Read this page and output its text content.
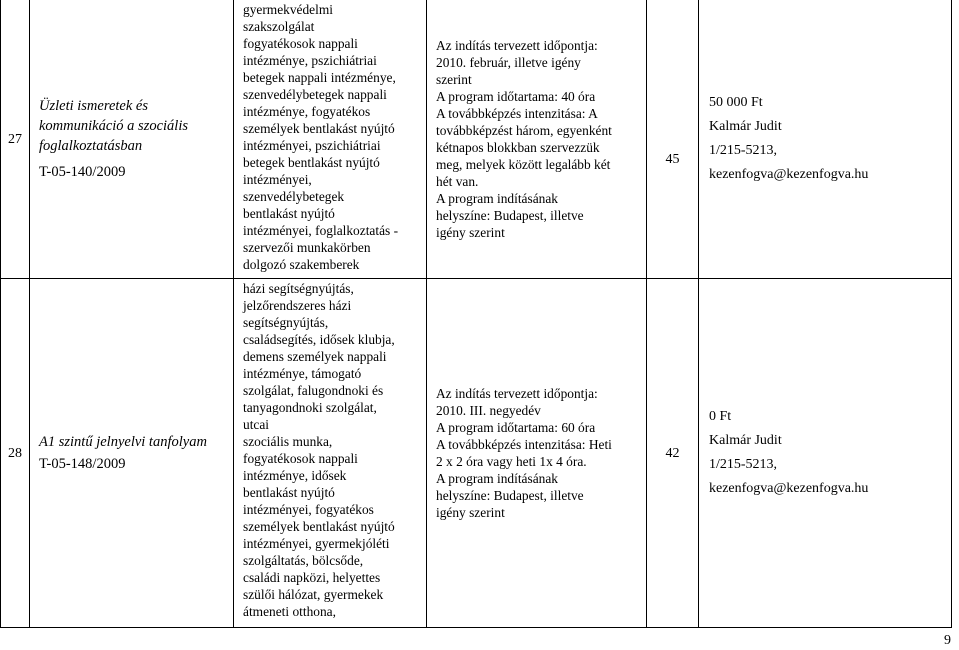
27
Üzleti ismeretek és
kommunikáció a szociális
foglalkoztatásban
T-05-140/2009
gyermekvédelmi
szakszolgálat
fogyatékosok nappali
intézménye, pszichiátriai
betegek nappali intézménye,
szenvedélybetegek nappali
intézménye, fogyatékos
személyek bentlakást nyújtó
intézményei, pszichiátriai
betegek bentlakást nyújtó
intézményei,
szenvedélybetegek
bentlakást nyújtó
intézményei, foglalkoztatás -
szervezői munkakörben
dolgozó szakemberek
Az indítás tervezett időpontja:
2010. február, illetve igény
szerint
A program időtartama: 40 óra
A továbbképzés intenzitása: A
továbbképzést három, egyenként
kétnapos blokkban szervezzük
meg, melyek között legalább két
hét van.
A program indításának
helyszíne: Budapest, illetve
igény szerint
45
50 000 Ft
Kalmár Judit
1/215-5213,
kezenfogva@kezenfogva.hu
28
A1 szintű jelnyelvi tanfolyam
T-05-148/2009
házi segítségnyújtás,
jelzőrendszeres házi
segítségnyújtás,
családsegítés, idősek klubja,
demens személyek nappali
intézménye, támogató
szolgálat, falugondnoki és
tanyagondnoki szolgálat,
utcai
szociális munka,
fogyatékosok nappali
intézménye, idősek
bentlakást nyújtó
intézményei, fogyatékos
személyek bentlakást nyújtó
intézményei, gyermekjóléti
szolgáltatás, bölcsőde,
családi napközi, helyettes
szülői hálózat, gyermekek
átmeneti otthona,
Az indítás tervezett időpontja:
2010. III. negyedév
A program időtartama: 60 óra
A továbbképzés intenzitása: Heti
2 x 2 óra vagy heti 1x 4 óra.
A program indításának
helyszíne: Budapest, illetve
igény szerint
42
0 Ft
Kalmár Judit
1/215-5213,
kezenfogva@kezenfogva.hu
9
